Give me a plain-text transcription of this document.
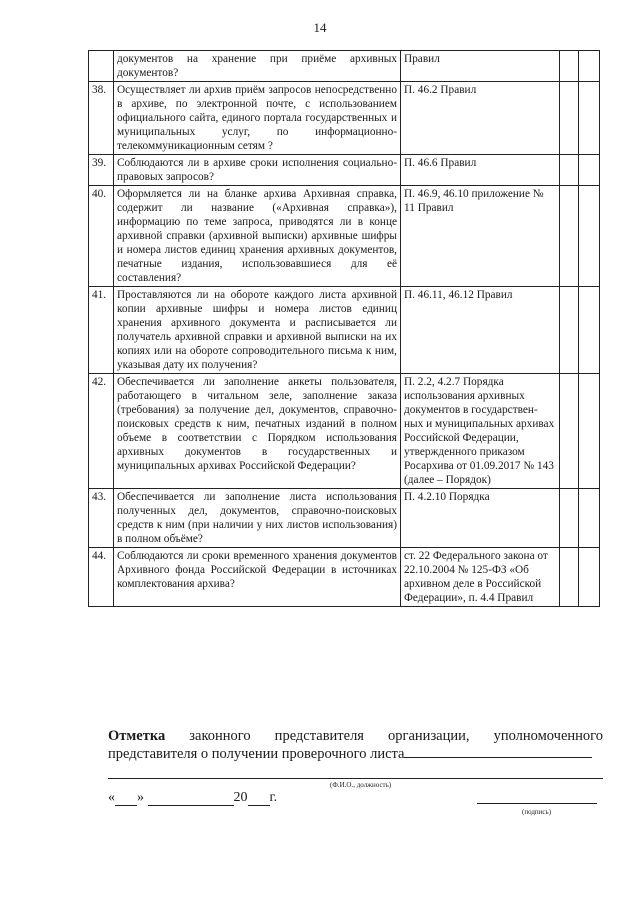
14
	документов на хранение при приёме архивных документов?	Правил		
38.	Осуществляет ли архив приём запросов непосредственно в архиве, по электронной почте, с использованием официального сайта, единого портала государственных и муниципальных услуг, по информационно-телекоммуникационным сетям ?	П. 46.2 Правил		
39.	Соблюдаются ли в архиве сроки исполнения социально-правовых запросов?	П. 46.6 Правил		
40.	Оформляется ли на бланке архива Архивная справка, содержит ли название («Архивная справка»), информацию по теме запроса, приводятся ли в конце архивной справки (архивной выписки) архивные шифры и номера листов единиц хранения архивных документов, печатные издания, использовавшиеся для её составления?	П. 46.9, 46.10 приложение № 11 Правил		
41.	Проставляются ли на обороте каждого листа архивной копии архивные шифры и номера листов единиц хранения архивного документа и расписывается ли получатель архивной справки и архивной выписки на их копиях или на обороте сопроводительного письма к ним, указывая дату их получения?	П. 46.11, 46.12 Правил		
42.	Обеспечивается ли заполнение анкеты пользователя, работающего в читальном зеле, заполнение заказа (требования) за получение дел, документов, справочно-поисковых средств к ним, печатных изданий в полном объеме в соответствии с Порядком использования архивных документов в государственных и муниципальных архивах Российской Федерации?	П. 2.2, 4.2.7 Порядка использования архивных документов в государствен-ных и муниципальных архивах Российской Федерации, утвержденного приказом Росархива от 01.09.2017 № 143 (далее – Порядок)		
43.	Обеспечивается ли заполнение листа использования полученных дел, документов, справочно-поисковых средств к ним (при наличии у них листов использования) в полном объёме?	П. 4.2.10 Порядка		
44.	Соблюдаются ли сроки временного хранения документов Архивного фонда Российской Федерации в источниках комплектования архива?	ст. 22 Федерального закона от 22.10.2004 № 125-ФЗ «Об архивном деле в Российской Федерации», п. 4.4 Правил		
Отметка законного представителя организации, уполномоченного представителя о получении проверочного листа
(Ф.И.О., должность)
« »	20 г.
(подпись)
